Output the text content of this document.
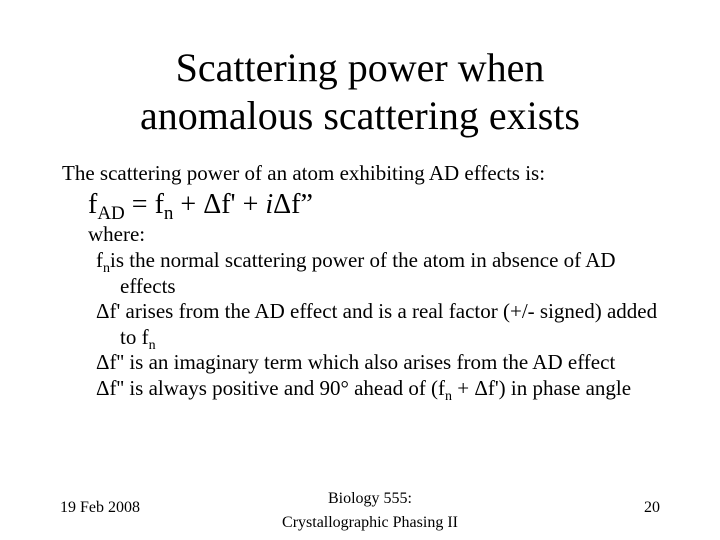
Scattering power when
anomalous scattering exists
The scattering power of an atom exhibiting AD effects is:
$f_{AD} = f_n + \Delta f' + i\Delta f$”
where:

$f_nis$ the normal scattering power of the atom in absence of AD effects

Δf' arises from the AD effect and is a real factor (+/- signed) added to $f_n$

Δf'' is an imaginary term which also arises from the AD effect

Δf'' is always positive and 90° ahead of $(f_n + \Delta f')$ in phase angle

19 Feb 2008
Biology 555:
Crystallographic Phasing II
20
